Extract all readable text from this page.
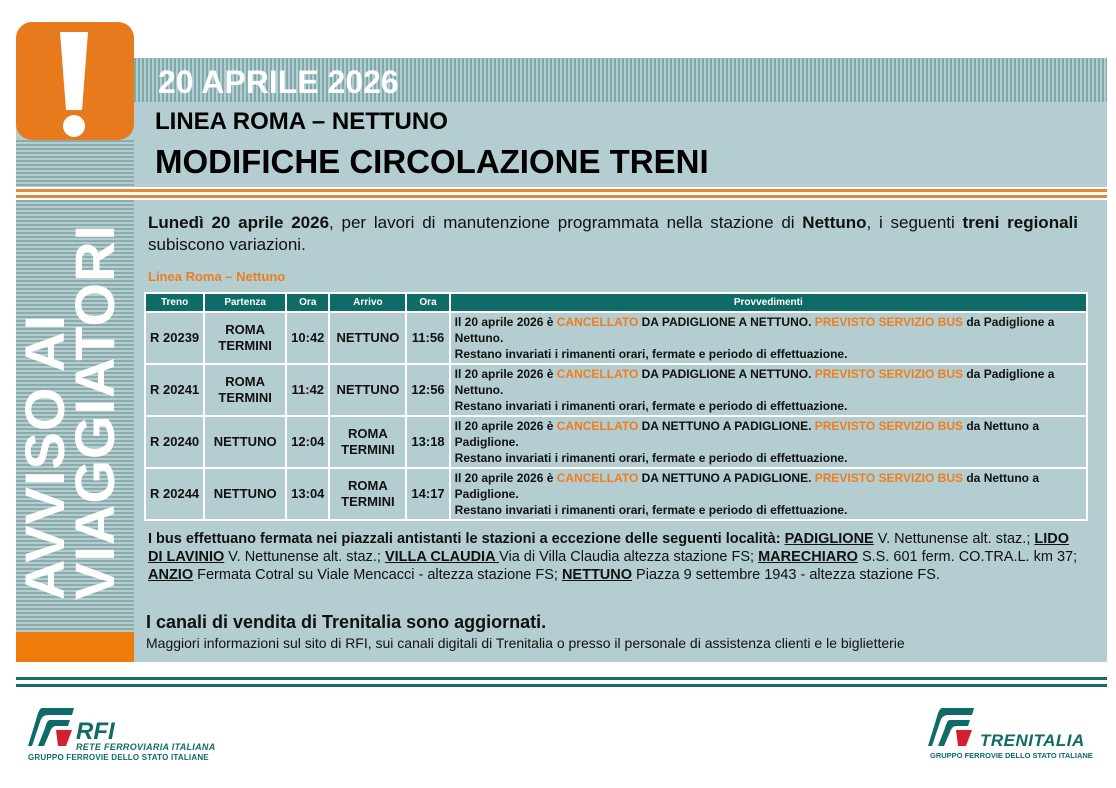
20 APRILE 2026
LINEA ROMA – NETTUNO
MODIFICHE CIRCOLAZIONE TRENI
AVVISO AI
VIAGGIATORI
Lunedì 20 aprile 2026, per lavori di manutenzione programmata nella stazione di Nettuno, i seguenti treni regionali subiscono variazioni.
Linea Roma – Nettuno
Treno	Partenza	Ora	Arrivo	Ora	Provvedimenti
R 20239	ROMA TERMINI	10:42	NETTUNO	11:56	Il 20 aprile 2026 è CANCELLATO DA PADIGLIONE A NETTUNO. PREVISTO SERVIZIO BUS da Padiglione a Nettuno.
Restano invariati i rimanenti orari, fermate e periodo di effettuazione.
R 20241	ROMA TERMINI	11:42	NETTUNO	12:56	Il 20 aprile 2026 è CANCELLATO DA PADIGLIONE A NETTUNO. PREVISTO SERVIZIO BUS da Padiglione a Nettuno.
Restano invariati i rimanenti orari, fermate e periodo di effettuazione.
R 20240	NETTUNO	12:04	ROMA TERMINI	13:18	Il 20 aprile 2026 è CANCELLATO DA NETTUNO A PADIGLIONE. PREVISTO SERVIZIO BUS da Nettuno a Padiglione.
Restano invariati i rimanenti orari, fermate e periodo di effettuazione.
R 20244	NETTUNO	13:04	ROMA TERMINI	14:17	Il 20 aprile 2026 è CANCELLATO DA NETTUNO A PADIGLIONE. PREVISTO SERVIZIO BUS da Nettuno a Padiglione.
Restano invariati i rimanenti orari, fermate e periodo di effettuazione.
I bus effettuano fermata nei piazzali antistanti le stazioni a eccezione delle seguenti località: PADIGLIONE V. Nettunense alt. staz.; LIDO DI LAVINIO V. Nettunense alt. staz.; VILLA CLAUDIA Via di Villa Claudia altezza stazione FS; MARECHIARO S.S. 601 ferm. CO.TRA.L. km 37; ANZIO Fermata Cotral su Viale Mencacci - altezza stazione FS; NETTUNO Piazza 9 settembre 1943 - altezza stazione FS.
I canali di vendita di Trenitalia sono aggiornati.
Maggiori informazioni sul sito di RFI, sui canali digitali di Trenitalia o presso il personale di assistenza clienti e le biglietterie
RFI
RETE FERROVIARIA ITALIANA
GRUPPO FERROVIE DELLO STATO ITALIANE
TRENITALIA
GRUPPO FERROVIE DELLO STATO ITALIANE
